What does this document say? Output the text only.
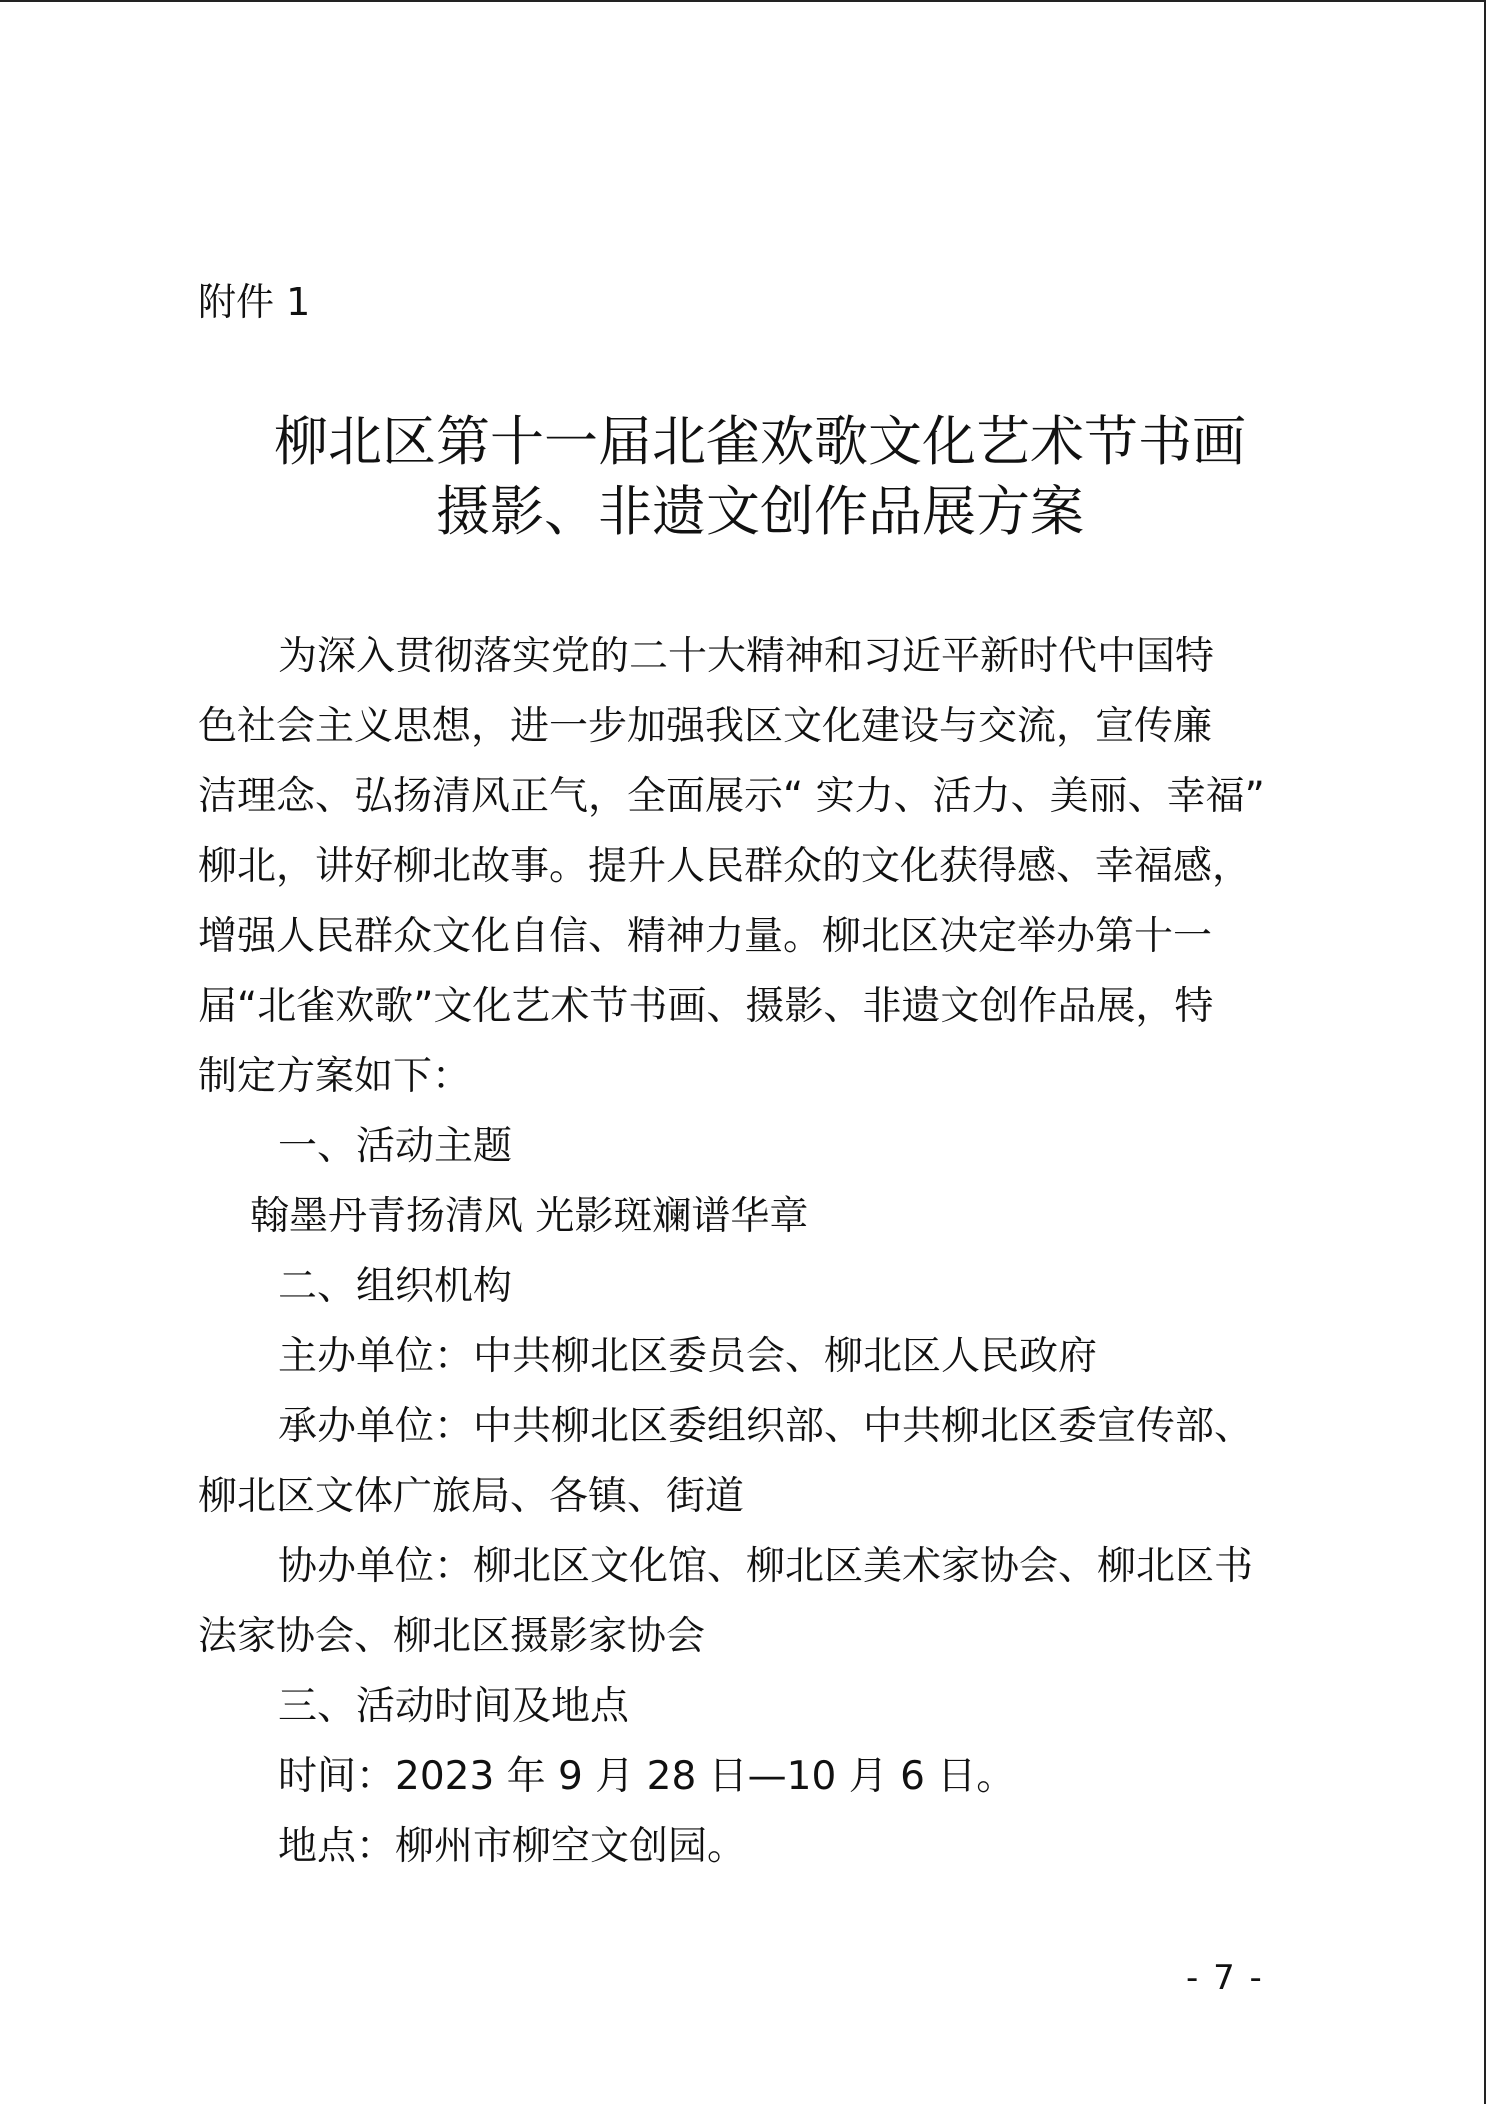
附件 1
柳北区第十一届北雀欢歌文化艺术节书画
摄影、非遗文创作品展方案
为深入贯彻落实党的二十大精神和习近平新时代中国特
色社会主义思想，进一步加强我区文化建设与交流，宣传廉
洁理念、弘扬清风正气，全面展示“ 实力、活力、美丽、幸福”
柳北，讲好柳北故事。提升人民群众的文化获得感、幸福感，
增强人民群众文化自信、精神力量。柳北区决定举办第十一
届“北雀欢歌”文化艺术节书画、摄影、非遗文创作品展，特
制定方案如下：
一、活动主题
翰墨丹青扬清风 光影斑斓谱华章
二、组织机构
主办单位：中共柳北区委员会、柳北区人民政府
承办单位：中共柳北区委组织部、中共柳北区委宣传部、
柳北区文体广旅局、各镇、街道
协办单位：柳北区文化馆、柳北区美术家协会、柳北区书
法家协会、柳北区摄影家协会
三、活动时间及地点
时间：2023 年 9 月 28 日—10 月 6 日。
地点：柳州市柳空文创园。
- 7 -
